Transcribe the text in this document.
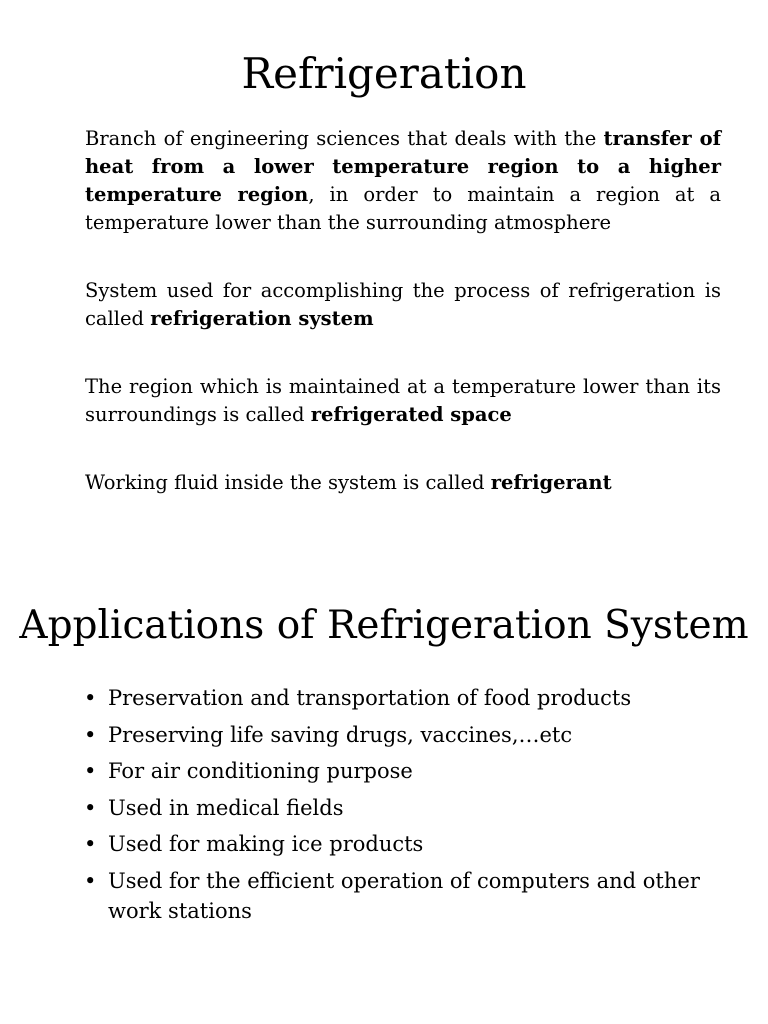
Refrigeration

Branch of engineering sciences that deals with the transfer of heat from a lower temperature region to a higher temperature region, in order to maintain a region at a temperature lower than the surrounding atmosphere

System used for accomplishing the process of refrigeration is called refrigeration system

The region which is maintained at a temperature lower than its surroundings is called refrigerated space

Working fluid inside the system is called refrigerant

Applications of Refrigeration System
• Preservation and transportation of food products
• Preserving life saving drugs, vaccines,…etc
• For air conditioning purpose
• Used in medical fields
• Used for making ice products
• Used for the efficient operation of computers and other work stations
